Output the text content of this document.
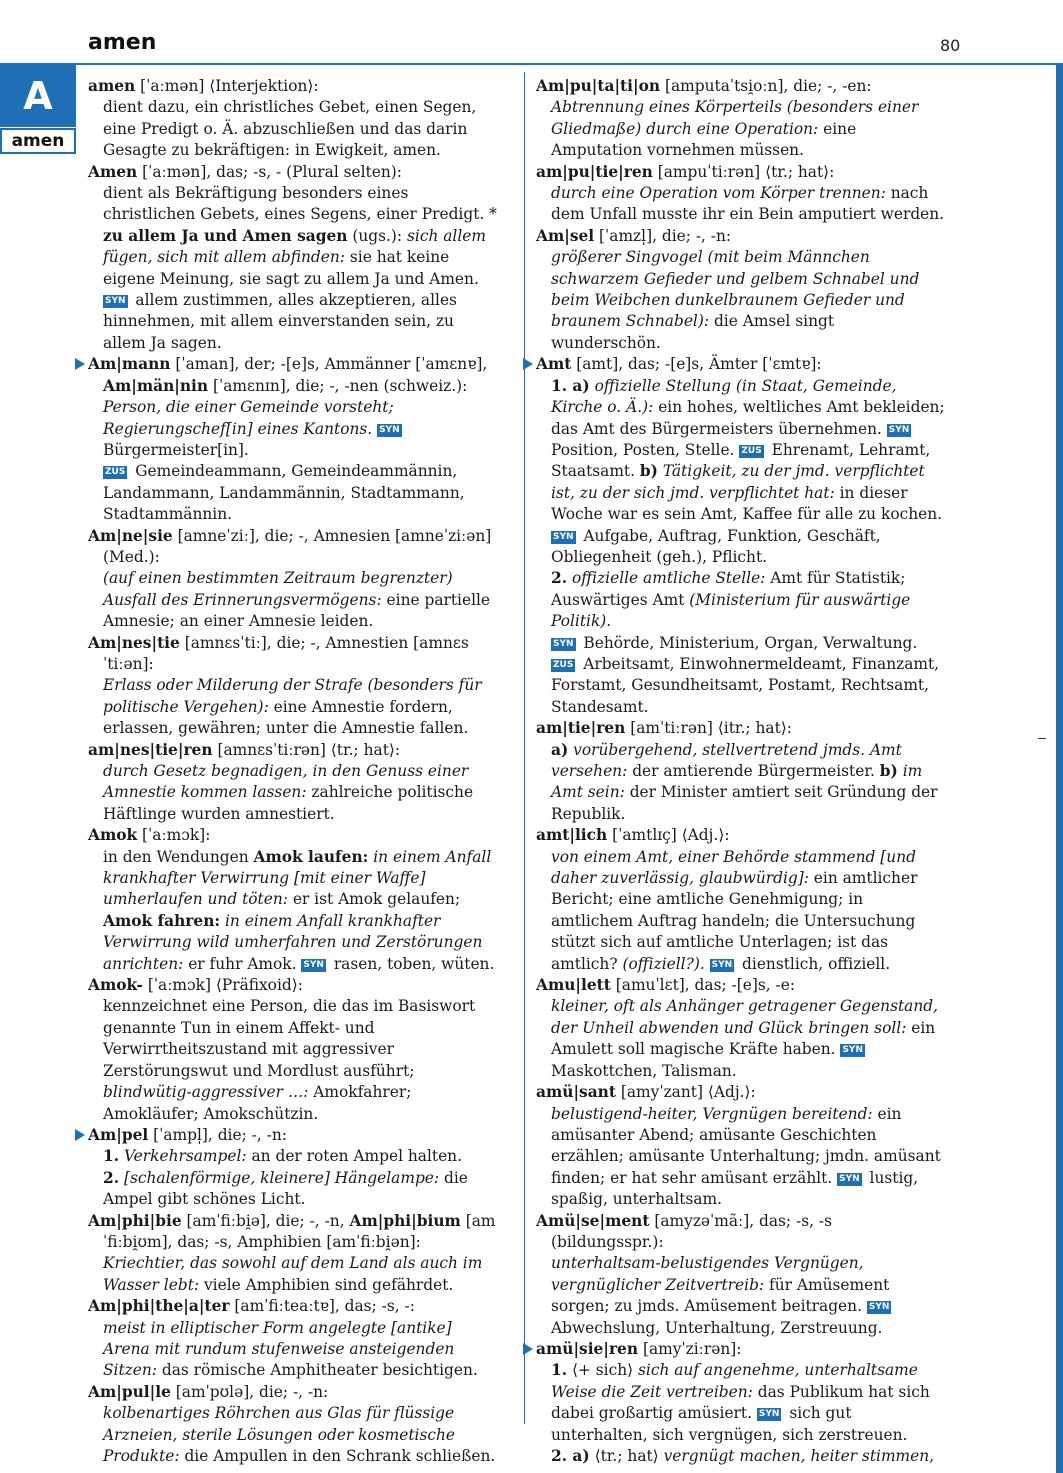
amen	80
A
amen
amen [ˈaːmən] ⟨Interjektion⟩:
dient dazu, ein christliches Gebet, einen Segen, eine Predigt o. Ä. abzuschließen und das darin Gesagte zu bekräftigen: in Ewigkeit, amen.
Amen [ˈaːmən], das; -s, - (Plural selten):
dient als Bekräftigung besonders eines christlichen Gebets, eines Segens, einer Predigt. * zu allem Ja und Amen sagen (ugs.): sich allem fügen, sich mit allem abfinden: sie hat keine eigene Meinung, sie sagt zu allem Ja und Amen. SYN allem zustimmen, alles akzeptieren, alles hinnehmen, mit allem einverstanden sein, zu allem Ja sagen.
Am|mann [ˈaman], der; -[e]s, Ammänner [ˈamɛnɐ], Am|män|nin [ˈamɛnɪn], die; -, -nen (schweiz.):
Person, die einer Gemeinde vorsteht; Regierungschef[in] eines Kantons. SYN Bürgermeister[in].
ZUS Gemeindeammann, Gemeindeammännin, Landammann, Landammännin, Stadtammann, Stadtammännin.
Am|ne|sie [amneˈziː], die; -, Amnesien [amneˈziːən] (Med.):
(auf einen bestimmten Zeitraum begrenzter) Ausfall des Erinnerungsvermögens: eine partielle Amnesie; an einer Amnesie leiden.
Am|nes|tie [amnɛsˈtiː], die; -, Amnestien [amnɛsˈtiːən]:
Erlass oder Milderung der Strafe (besonders für politische Vergehen): eine Amnestie fordern, erlassen, gewähren; unter die Amnestie fallen.
am|nes|tie|ren [amnɛsˈtiːrən] ⟨tr.; hat⟩:
durch Gesetz begnadigen, in den Genuss einer Amnestie kommen lassen: zahlreiche politische Häftlinge wurden amnestiert.
Amok [ˈaːmɔk]:
in den Wendungen Amok laufen: in einem Anfall krankhafter Verwirrung [mit einer Waffe] umherlaufen und töten: er ist Amok gelaufen; Amok fahren: in einem Anfall krankhafter Verwirrung wild umherfahren und Zerstörungen anrichten: er fuhr Amok. SYN rasen, toben, wüten.
Amok- [ˈaːmɔk] ⟨Präfixoid⟩:
kennzeichnet eine Person, die das im Basiswort genannte Tun in einem Affekt- und Verwirrtheitszustand mit aggressiver Zerstörungswut und Mordlust ausführt; blindwütig-aggressiver …: Amokfahrer; Amokläufer; Amokschützin.
Am|pel [ˈampl̩], die; -, -n:
1. Verkehrsampel: an der roten Ampel halten.
2. [schalenförmige, kleinere] Hängelampe: die Ampel gibt schönes Licht.
Am|phi|bie [amˈfiːbi̯ə], die; -, -n, Am|phi|bium [amˈfiːbi̯ʊm], das; -s, Amphibien [amˈfiːbi̯ən]:
Kriechtier, das sowohl auf dem Land als auch im Wasser lebt: viele Amphibien sind gefährdet.
Am|phi|the|a|ter [amˈfiːteaːtɐ], das; -s, -:
meist in elliptischer Form angelegte [antike] Arena mit rundum stufenweise ansteigenden Sitzen: das römische Amphitheater besichtigen.
Am|pul|le [amˈpʊlə], die; -, -n:
kolbenartiges Röhrchen aus Glas für flüssige Arzneien, sterile Lösungen oder kosmetische Produkte: die Ampullen in den Schrank schließen.
Am|pu|ta|ti|on [amputaˈtsi̯oːn], die; -, -en:
Abtrennung eines Körperteils (besonders einer Gliedmaße) durch eine Operation: eine Amputation vornehmen müssen.
am|pu|tie|ren [ampuˈtiːrən] ⟨tr.; hat⟩:
durch eine Operation vom Körper trennen: nach dem Unfall musste ihr ein Bein amputiert werden.
Am|sel [ˈamzl̩], die; -, -n:
größerer Singvogel (mit beim Männchen schwarzem Gefieder und gelbem Schnabel und beim Weibchen dunkelbraunem Gefieder und braunem Schnabel): die Amsel singt wunderschön.
Amt [amt], das; -[e]s, Ämter [ˈɛmtɐ]:
1. a) offizielle Stellung (in Staat, Gemeinde, Kirche o. Ä.): ein hohes, weltliches Amt bekleiden; das Amt des Bürgermeisters übernehmen. SYN Position, Posten, Stelle. ZUS Ehrenamt, Lehramt, Staatsamt. b) Tätigkeit, zu der jmd. verpflichtet ist, zu der sich jmd. verpflichtet hat: in dieser Woche war es sein Amt, Kaffee für alle zu kochen.
SYN Aufgabe, Auftrag, Funktion, Geschäft, Obliegenheit (geh.), Pflicht.
2. offizielle amtliche Stelle: Amt für Statistik; Auswärtiges Amt (Ministerium für auswärtige Politik).
SYN Behörde, Ministerium, Organ, Verwaltung.
ZUS Arbeitsamt, Einwohnermeldeamt, Finanzamt, Forstamt, Gesundheitsamt, Postamt, Rechtsamt, Standesamt.
am|tie|ren [amˈtiːrən] ⟨itr.; hat⟩:
a) vorübergehend, stellvertretend jmds. Amt versehen: der amtierende Bürgermeister. b) im Amt sein: der Minister amtiert seit Gründung der Republik.
amt|lich [ˈamtlɪç] ⟨Adj.⟩:
von einem Amt, einer Behörde stammend [und daher zuverlässig, glaubwürdig]: ein amtlicher Bericht; eine amtliche Genehmigung; in amtlichem Auftrag handeln; die Untersuchung stützt sich auf amtliche Unterlagen; ist das amtlich? (offiziell?). SYN dienstlich, offiziell.
Amu|lett [amuˈlɛt], das; -[e]s, -e:
kleiner, oft als Anhänger getragener Gegenstand, der Unheil abwenden und Glück bringen soll: ein Amulett soll magische Kräfte haben. SYN Maskottchen, Talisman.
amü|sant [amyˈzant] ⟨Adj.⟩:
belustigend-heiter, Vergnügen bereitend: ein amüsanter Abend; amüsante Geschichten erzählen; amüsante Unterhaltung; jmdn. amüsant finden; er hat sehr amüsant erzählt. SYN lustig, spaßig, unterhaltsam.
Amü|se|ment [amyzəˈmãː], das; -s, -s (bildungsspr.):
unterhaltsam-belustigendes Vergnügen, vergnüglicher Zeitvertreib: für Amüsement sorgen; zu jmds. Amüsement beitragen. SYN Abwechslung, Unterhaltung, Zerstreuung.
amü|sie|ren [amyˈziːrən]:
1. ⟨+ sich⟩ sich auf angenehme, unterhaltsame Weise die Zeit vertreiben: das Publikum hat sich dabei großartig amüsiert. SYN sich gut unterhalten, sich vergnügen, sich zerstreuen.
2. a) ⟨tr.; hat⟩ vergnügt machen, heiter stimmen,
